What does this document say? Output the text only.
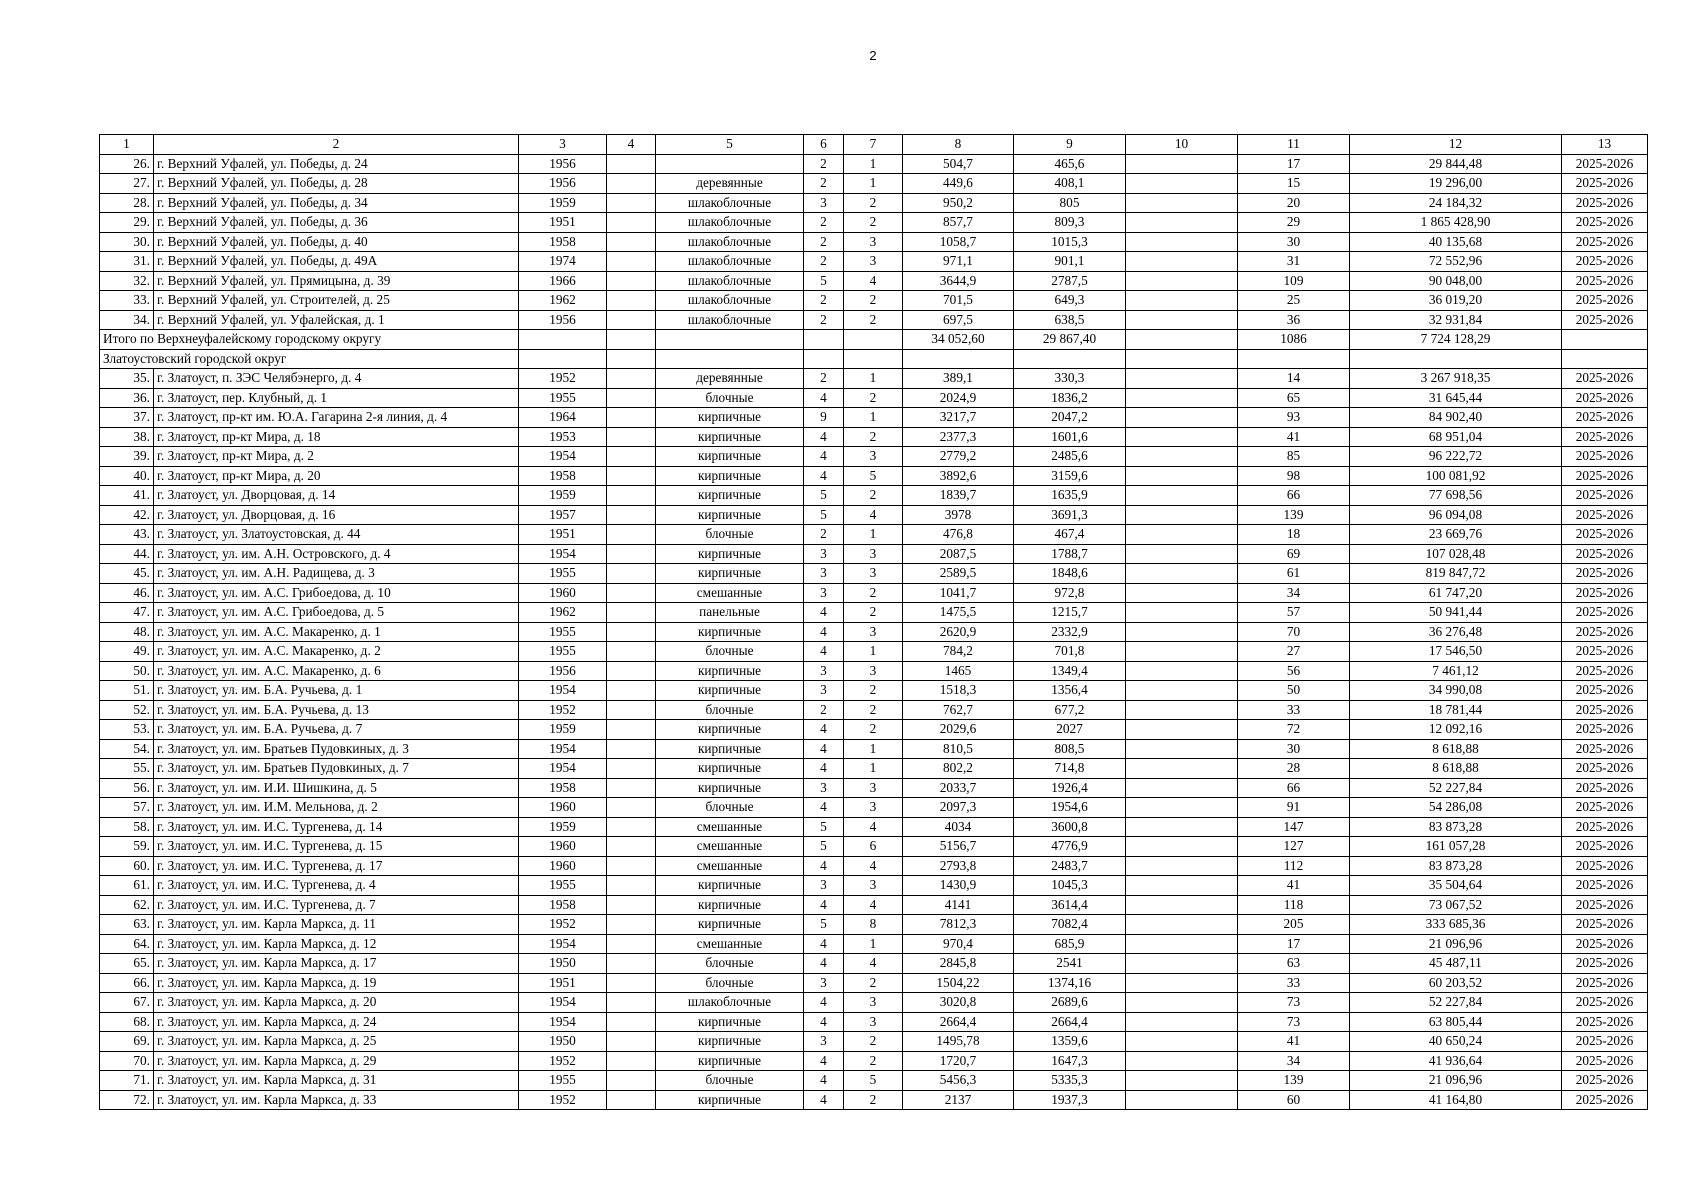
2
1	2	3	4	5	6	7	8	9	10	11	12	13
26.	г. Верхний Уфалей, ул. Победы, д. 24	1956			2	1	504,7	465,6		17	29 844,48	2025-2026
27.	г. Верхний Уфалей, ул. Победы, д. 28	1956		деревянные	2	1	449,6	408,1		15	19 296,00	2025-2026
28.	г. Верхний Уфалей, ул. Победы, д. 34	1959		шлакоблочные	3	2	950,2	805		20	24 184,32	2025-2026
29.	г. Верхний Уфалей, ул. Победы, д. 36	1951		шлакоблочные	2	2	857,7	809,3		29	1 865 428,90	2025-2026
30.	г. Верхний Уфалей, ул. Победы, д. 40	1958		шлакоблочные	2	3	1058,7	1015,3		30	40 135,68	2025-2026
31.	г. Верхний Уфалей, ул. Победы, д. 49А	1974		шлакоблочные	2	3	971,1	901,1		31	72 552,96	2025-2026
32.	г. Верхний Уфалей, ул. Прямицына, д. 39	1966		шлакоблочные	5	4	3644,9	2787,5		109	90 048,00	2025-2026
33.	г. Верхний Уфалей, ул. Строителей, д. 25	1962		шлакоблочные	2	2	701,5	649,3		25	36 019,20	2025-2026
34.	г. Верхний Уфалей, ул. Уфалейская, д. 1	1956		шлакоблочные	2	2	697,5	638,5		36	32 931,84	2025-2026
Итого по Верхнеуфалейскому городскому округу							34 052,60	29 867,40		1086	7 724 128,29	
Златоустовский городской округ												
35.	г. Златоуст, п. ЗЭС Челябэнерго, д. 4	1952		деревянные	2	1	389,1	330,3		14	3 267 918,35	2025-2026
36.	г. Златоуст, пер. Клубный, д. 1	1955		блочные	4	2	2024,9	1836,2		65	31 645,44	2025-2026
37.	г. Златоуст, пр-кт им. Ю.А. Гагарина 2-я линия, д. 4	1964		кирпичные	9	1	3217,7	2047,2		93	84 902,40	2025-2026
38.	г. Златоуст, пр-кт Мира, д. 18	1953		кирпичные	4	2	2377,3	1601,6		41	68 951,04	2025-2026
39.	г. Златоуст, пр-кт Мира, д. 2	1954		кирпичные	4	3	2779,2	2485,6		85	96 222,72	2025-2026
40.	г. Златоуст, пр-кт Мира, д. 20	1958		кирпичные	4	5	3892,6	3159,6		98	100 081,92	2025-2026
41.	г. Златоуст, ул. Дворцовая, д. 14	1959		кирпичные	5	2	1839,7	1635,9		66	77 698,56	2025-2026
42.	г. Златоуст, ул. Дворцовая, д. 16	1957		кирпичные	5	4	3978	3691,3		139	96 094,08	2025-2026
43.	г. Златоуст, ул. Златоустовская, д. 44	1951		блочные	2	1	476,8	467,4		18	23 669,76	2025-2026
44.	г. Златоуст, ул. им. А.Н. Островского, д. 4	1954		кирпичные	3	3	2087,5	1788,7		69	107 028,48	2025-2026
45.	г. Златоуст, ул. им. А.Н. Радищева, д. 3	1955		кирпичные	3	3	2589,5	1848,6		61	819 847,72	2025-2026
46.	г. Златоуст, ул. им. А.С. Грибоедова, д. 10	1960		смешанные	3	2	1041,7	972,8		34	61 747,20	2025-2026
47.	г. Златоуст, ул. им. А.С. Грибоедова, д. 5	1962		панельные	4	2	1475,5	1215,7		57	50 941,44	2025-2026
48.	г. Златоуст, ул. им. А.С. Макаренко, д. 1	1955		кирпичные	4	3	2620,9	2332,9		70	36 276,48	2025-2026
49.	г. Златоуст, ул. им. А.С. Макаренко, д. 2	1955		блочные	4	1	784,2	701,8		27	17 546,50	2025-2026
50.	г. Златоуст, ул. им. А.С. Макаренко, д. 6	1956		кирпичные	3	3	1465	1349,4		56	7 461,12	2025-2026
51.	г. Златоуст, ул. им. Б.А. Ручьева, д. 1	1954		кирпичные	3	2	1518,3	1356,4		50	34 990,08	2025-2026
52.	г. Златоуст, ул. им. Б.А. Ручьева, д. 13	1952		блочные	2	2	762,7	677,2		33	18 781,44	2025-2026
53.	г. Златоуст, ул. им. Б.А. Ручьева, д. 7	1959		кирпичные	4	2	2029,6	2027		72	12 092,16	2025-2026
54.	г. Златоуст, ул. им. Братьев Пудовкиных, д. 3	1954		кирпичные	4	1	810,5	808,5		30	8 618,88	2025-2026
55.	г. Златоуст, ул. им. Братьев Пудовкиных, д. 7	1954		кирпичные	4	1	802,2	714,8		28	8 618,88	2025-2026
56.	г. Златоуст, ул. им. И.И. Шишкина, д. 5	1958		кирпичные	3	3	2033,7	1926,4		66	52 227,84	2025-2026
57.	г. Златоуст, ул. им. И.М. Мельнова, д. 2	1960		блочные	4	3	2097,3	1954,6		91	54 286,08	2025-2026
58.	г. Златоуст, ул. им. И.С. Тургенева, д. 14	1959		смешанные	5	4	4034	3600,8		147	83 873,28	2025-2026
59.	г. Златоуст, ул. им. И.С. Тургенева, д. 15	1960		смешанные	5	6	5156,7	4776,9		127	161 057,28	2025-2026
60.	г. Златоуст, ул. им. И.С. Тургенева, д. 17	1960		смешанные	4	4	2793,8	2483,7		112	83 873,28	2025-2026
61.	г. Златоуст, ул. им. И.С. Тургенева, д. 4	1955		кирпичные	3	3	1430,9	1045,3		41	35 504,64	2025-2026
62.	г. Златоуст, ул. им. И.С. Тургенева, д. 7	1958		кирпичные	4	4	4141	3614,4		118	73 067,52	2025-2026
63.	г. Златоуст, ул. им. Карла Маркса, д. 11	1952		кирпичные	5	8	7812,3	7082,4		205	333 685,36	2025-2026
64.	г. Златоуст, ул. им. Карла Маркса, д. 12	1954		смешанные	4	1	970,4	685,9		17	21 096,96	2025-2026
65.	г. Златоуст, ул. им. Карла Маркса, д. 17	1950		блочные	4	4	2845,8	2541		63	45 487,11	2025-2026
66.	г. Златоуст, ул. им. Карла Маркса, д. 19	1951		блочные	3	2	1504,22	1374,16		33	60 203,52	2025-2026
67.	г. Златоуст, ул. им. Карла Маркса, д. 20	1954		шлакоблочные	4	3	3020,8	2689,6		73	52 227,84	2025-2026
68.	г. Златоуст, ул. им. Карла Маркса, д. 24	1954		кирпичные	4	3	2664,4	2664,4		73	63 805,44	2025-2026
69.	г. Златоуст, ул. им. Карла Маркса, д. 25	1950		кирпичные	3	2	1495,78	1359,6		41	40 650,24	2025-2026
70.	г. Златоуст, ул. им. Карла Маркса, д. 29	1952		кирпичные	4	2	1720,7	1647,3		34	41 936,64	2025-2026
71.	г. Златоуст, ул. им. Карла Маркса, д. 31	1955		блочные	4	5	5456,3	5335,3		139	21 096,96	2025-2026
72.	г. Златоуст, ул. им. Карла Маркса, д. 33	1952		кирпичные	4	2	2137	1937,3		60	41 164,80	2025-2026
